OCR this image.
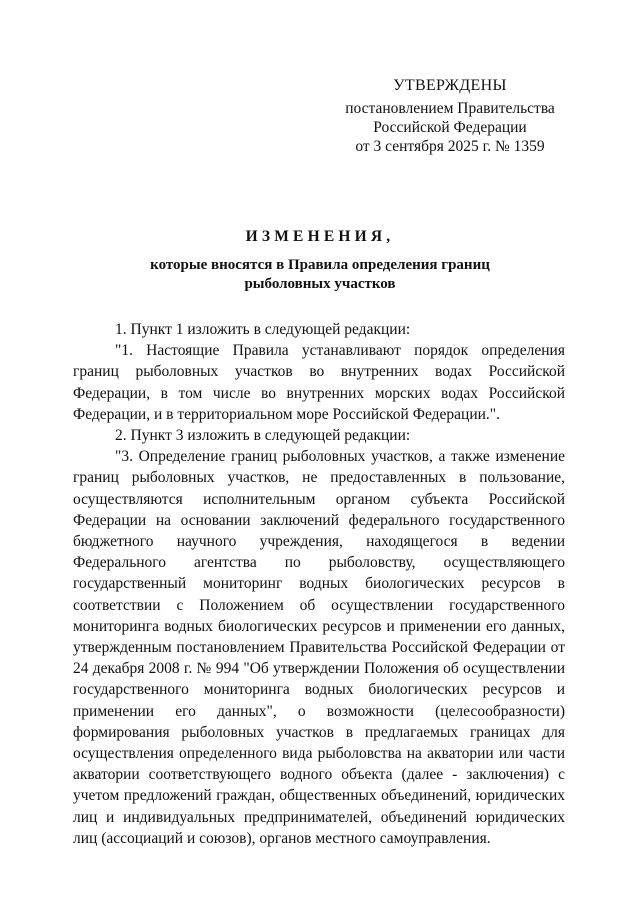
УТВЕРЖДЕНЫ
постановлением Правительства
Российской Федерации
от 3 сентября 2025 г. № 1359
ИЗМЕНЕНИЯ,
которые вносятся в Правила определения границ
рыболовных участков

1. Пункт 1 изложить в следующей редакции:

"1. Настоящие Правила устанавливают порядок определения границ рыболовных участков во внутренних водах Российской Федерации, в том числе во внутренних морских водах Российской Федерации, и в территориальном море Российской Федерации.".

2. Пункт 3 изложить в следующей редакции:

"3. Определение границ рыболовных участков, а также изменение границ рыболовных участков, не предоставленных в пользование, осуществляются исполнительным органом субъекта Российской Федерации на основании заключений федерального государственного бюджетного научного учреждения, находящегося в ведении Федерального агентства по рыболовству, осуществляющего государственный мониторинг водных биологических ресурсов в соответствии с Положением об осуществлении государственного мониторинга водных биологических ресурсов и применении его данных, утвержденным постановлением Правительства Российской Федерации от 24 декабря 2008 г. № 994 "Об утверждении Положения об осуществлении государственного мониторинга водных биологических ресурсов и применении его данных", о возможности (целесообразности) формирования рыболовных участков в предлагаемых границах для осуществления определенного вида рыболовства на акватории или части акватории соответствующего водного объекта (далее - заключения) с учетом предложений граждан, общественных объединений, юридических лиц и индивидуальных предпринимателей, объединений юридических лиц (ассоциаций и союзов), органов местного самоуправления.
